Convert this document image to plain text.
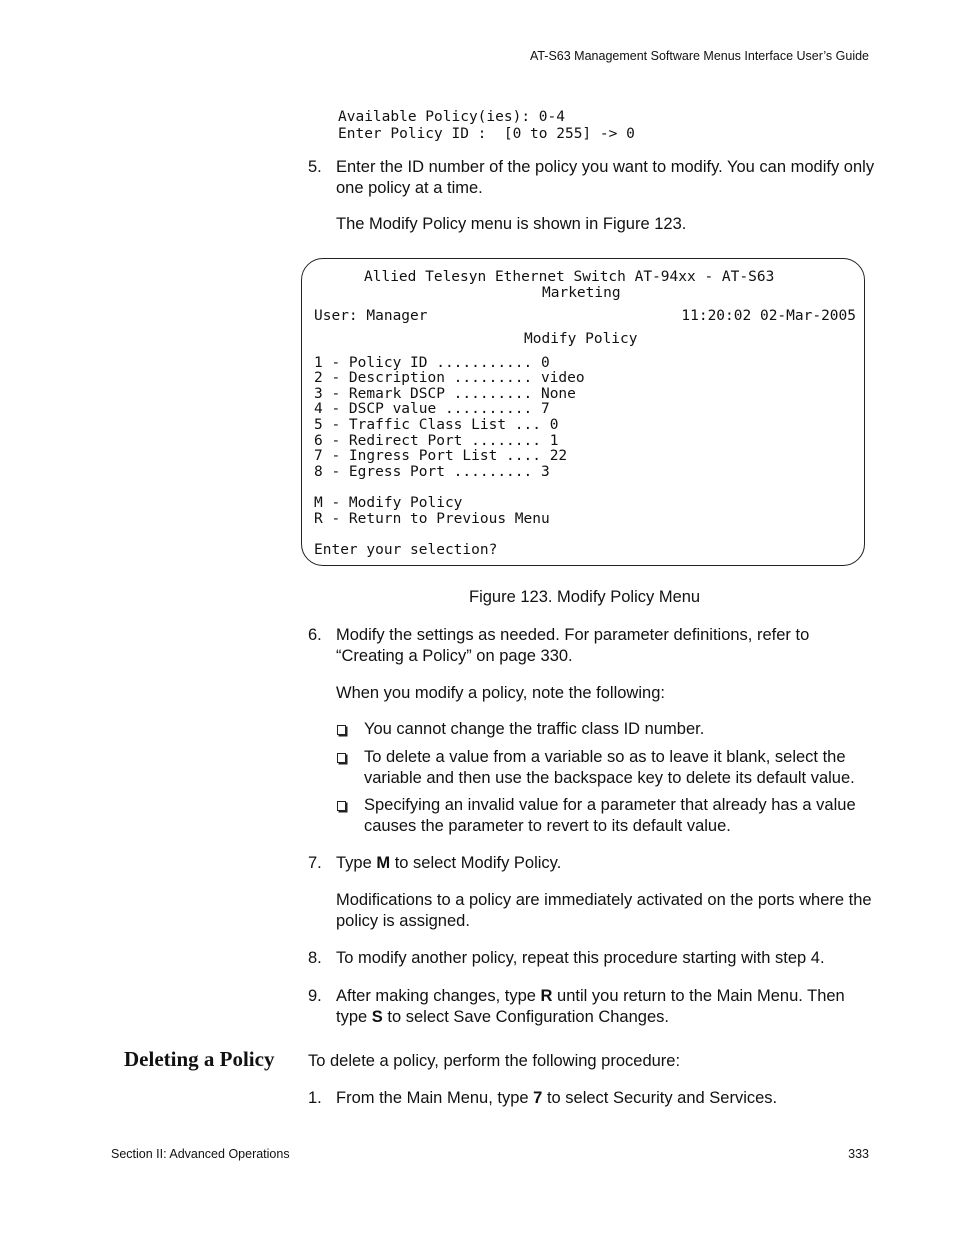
AT-S63 Management Software Menus Interface User’s Guide
Available Policy(ies): 0-4
Enter Policy ID :  [0 to 255] -> 0
5. Enter the ID number of the policy you want to modify. You can modify only one policy at a time.
The Modify Policy menu is shown in Figure 123.
Allied Telesyn Ethernet Switch AT-94xx - AT-S63
Marketing
User: Manager	11:20:02 02-Mar-2005
Modify Policy
1 - Policy ID ........... 0
2 - Description ......... video
3 - Remark DSCP ......... None
4 - DSCP value .......... 7
5 - Traffic Class List ... 0
6 - Redirect Port ........ 1
7 - Ingress Port List .... 22
8 - Egress Port ......... 3
M - Modify Policy
R - Return to Previous Menu
Enter your selection?
Figure 123. Modify Policy Menu
6. Modify the settings as needed. For parameter definitions, refer to “Creating a Policy” on page 330.
When you modify a policy, note the following:
You cannot change the traffic class ID number.
To delete a value from a variable so as to leave it blank, select the variable and then use the backspace key to delete its default value.
Specifying an invalid value for a parameter that already has a value causes the parameter to revert to its default value.
7. Type M to select Modify Policy.
Modifications to a policy are immediately activated on the ports where the policy is assigned.
8. To modify another policy, repeat this procedure starting with step 4.
9. After making changes, type R until you return to the Main Menu. Then type S to select Save Configuration Changes.
Deleting a Policy To delete a policy, perform the following procedure:
1. From the Main Menu, type 7 to select Security and Services.
Section II: Advanced Operations	333
